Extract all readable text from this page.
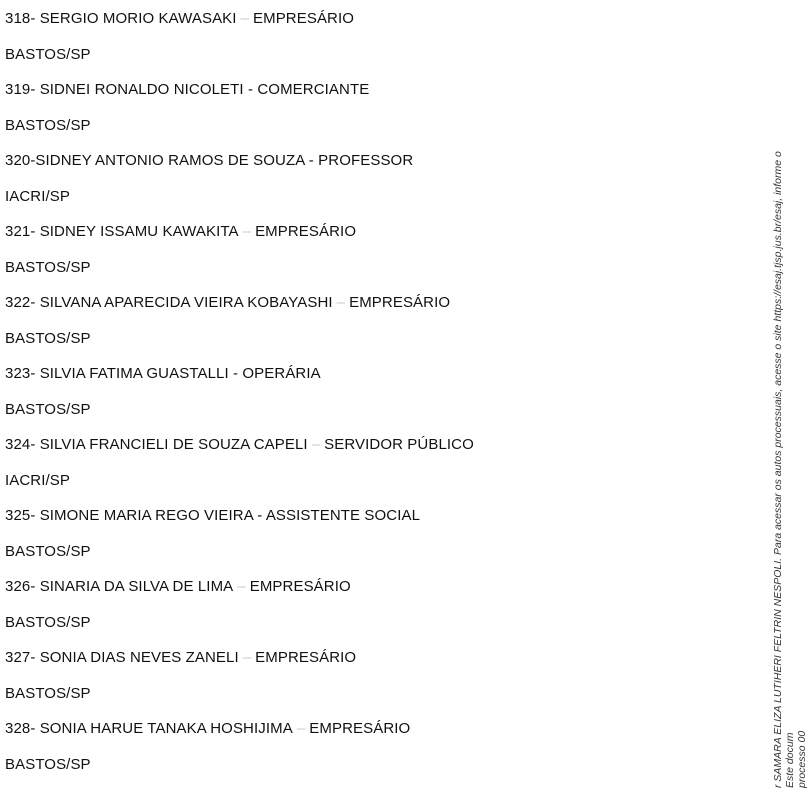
318- SERGIO MORIO KAWASAKI – EMPRESÁRIO
BASTOS/SP
319- SIDNEI RONALDO NICOLETI - COMERCIANTE
BASTOS/SP
320-SIDNEY ANTONIO RAMOS DE SOUZA - PROFESSOR
IACRI/SP
321- SIDNEY ISSAMU KAWAKITA – EMPRESÁRIO
BASTOS/SP
322- SILVANA APARECIDA VIEIRA KOBAYASHI – EMPRESÁRIO
BASTOS/SP
323- SILVIA FATIMA GUASTALLI - OPERÁRIA
BASTOS/SP
324- SILVIA FRANCIELI DE SOUZA CAPELI – SERVIDOR PÚBLICO
IACRI/SP
325- SIMONE MARIA REGO VIEIRA - ASSISTENTE SOCIAL
BASTOS/SP
326- SINARIA DA SILVA DE LIMA – EMPRESÁRIO
BASTOS/SP
327- SONIA DIAS NEVES ZANELI – EMPRESÁRIO
BASTOS/SP
328- SONIA HARUE TANAKA HOSHIJIMA – EMPRESÁRIO
BASTOS/SP	r SAMARA ELIZA LUTIHERI FELTRIN NESPOLI. Para acessar os autos processuais, acesse o site https://esaj.tjsp.jus.br/esaj, informe o Este docum processo 00
